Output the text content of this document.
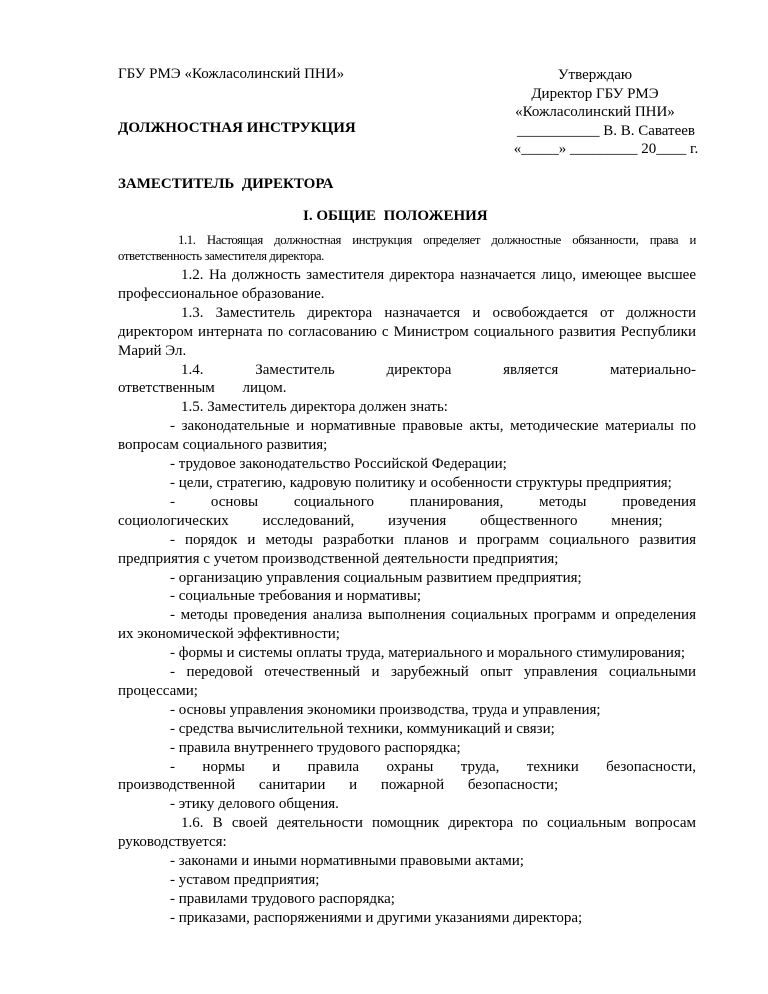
ГБУ РМЭ «Кожласолинский ПНИ»	Утверждаю
Директор ГБУ РМЭ
«Кожласолинский ПНИ»
___________ В. В. Саватеев
«_____» _________ 20____ г.
ДОЛЖНОСТНАЯ ИНСТРУКЦИЯ
ЗАМЕСТИТЕЛЬ  ДИРЕКТОРА
I. ОБЩИЕ  ПОЛОЖЕНИЯ

1.1. Настоящая должностная инструкция определяет должностные обязанности, права и ответственность заместителя директора.

1.2. На должность заместителя директора назначается лицо, имеющее высшее профессиональное образование.

1.3. Заместитель директора назначается и освобождается от должности директором интерната по согласованию с Министром социального развития Республики Марий Эл.

1.4. Заместитель директора является материально-ответственным лицом.

1.5. Заместитель директора должен знать:

- законодательные и нормативные правовые акты, методические материалы по вопросам социального развития;

- трудовое законодательство Российской Федерации;

- цели, стратегию, кадровую политику и особенности структуры предприятия;

- основы социального планирования, методы проведения социологических исследований, изучения общественного мнения;

- порядок и методы разработки планов и программ социального развития предприятия с учетом производственной деятельности предприятия;

- организацию управления социальным развитием предприятия;

- социальные требования и нормативы;

- методы проведения анализа выполнения социальных программ и определения их экономической эффективности;

- формы и системы оплаты труда, материального и морального стимулирования;

- передовой отечественный и зарубежный опыт управления социальными процессами;

- основы управления экономики производства, труда и управления;

- средства вычислительной техники, коммуникаций и связи;

- правила внутреннего трудового распорядка;

- нормы и правила охраны труда, техники безопасности, производственной санитарии и пожарной безопасности;

- этику делового общения.

1.6. В своей деятельности помощник директора по социальным вопросам руководствуется:

- законами и иными нормативными правовыми актами;

- уставом предприятия;

- правилами трудового распорядка;

- приказами, распоряжениями и другими указаниями директора;
